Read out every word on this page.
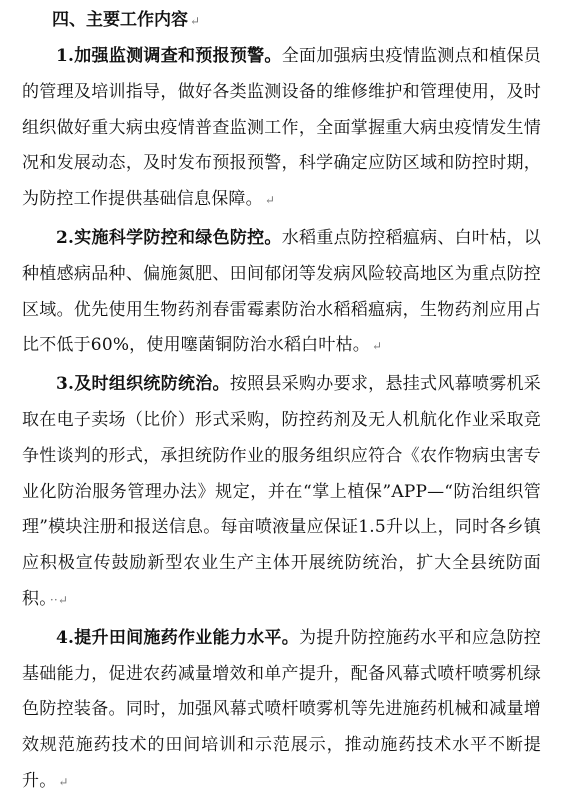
四、主要工作内容 ↵

1.加强监测调查和预报预警。全面加强病虫疫情监测点和植保员的管理及培训指导，做好各类监测设备的维修维护和管理使用，及时组织做好重大病虫疫情普查监测工作，全面掌握重大病虫疫情发生情况和发展动态，及时发布预报预警，科学确定应防区域和防控时期，为防控工作提供基础信息保障。 ↵

2.实施科学防控和绿色防控。水稻重点防控稻瘟病、白叶枯，以种植感病品种、偏施氮肥、田间郁闭等发病风险较高地区为重点防控区域。优先使用生物药剂春雷霉素防治水稻稻瘟病，生物药剂应用占比不低于60%，使用噻菌铜防治水稻白叶枯。 ↵

3.及时组织统防统治。按照县采购办要求，悬挂式风幕喷雾机采取在电子卖场（比价）形式采购，防控药剂及无人机航化作业采取竞争性谈判的形式，承担统防作业的服务组织应符合《农作物病虫害专业化防治服务管理办法》规定，并在“掌上植保”APP—“防治组织管理”模块注册和报送信息。每亩喷液量应保证1.5升以上，同时各乡镇应积极宣传鼓励新型农业生产主体开展统防统治，扩大全县统防面积。 ··↵

4.提升田间施药作业能力水平。为提升防控施药水平和应急防控基础能力，促进农药减量增效和单产提升，配备风幕式喷杆喷雾机绿色防控装备。同时，加强风幕式喷杆喷雾机等先进施药机械和减量增效规范施药技术的田间培训和示范展示，推动施药技术水平不断提升。 ↵
